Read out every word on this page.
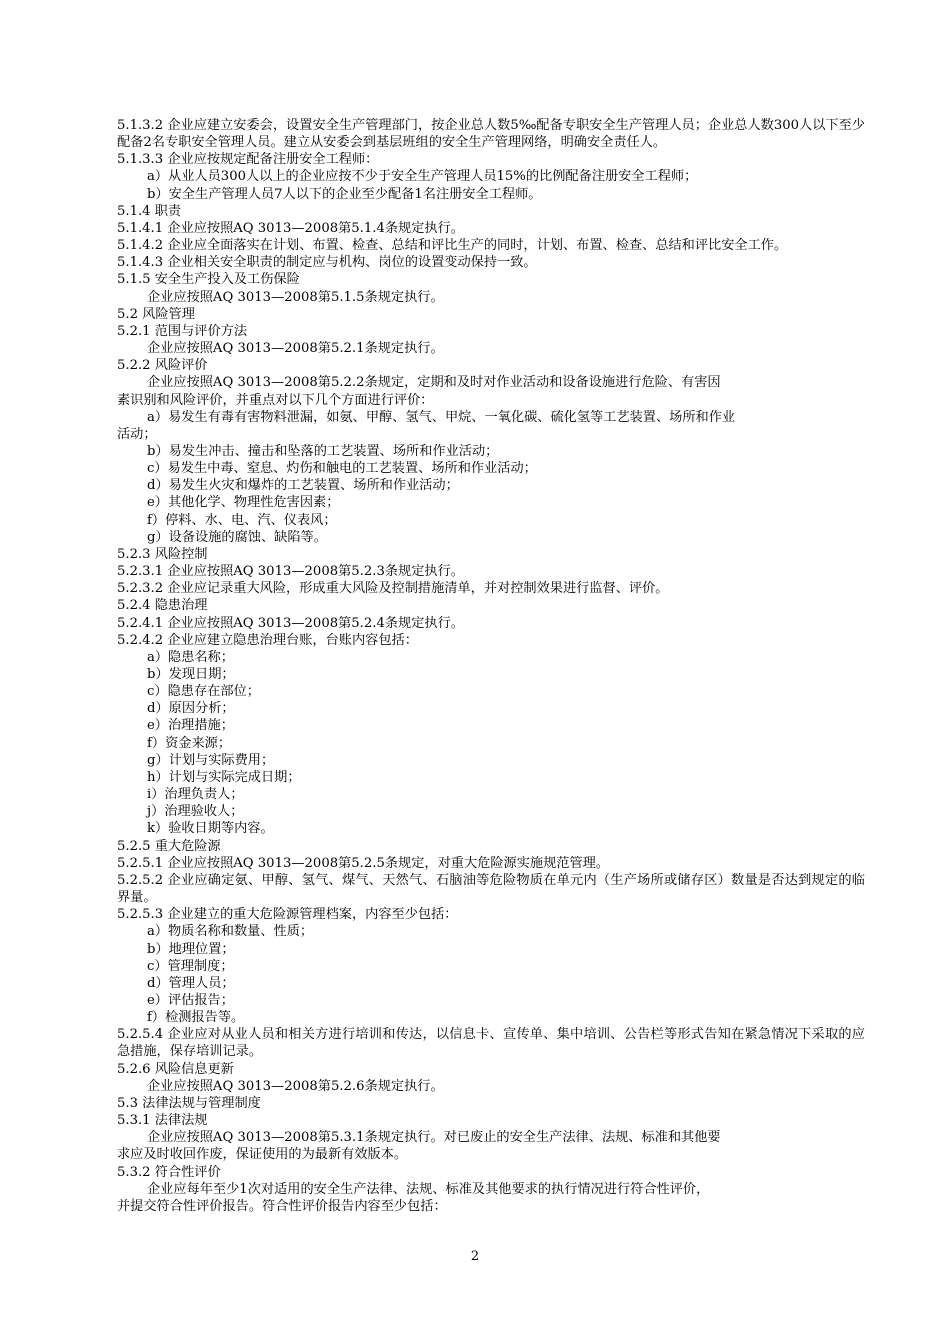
5.1.3.2 企业应建立安委会，设置安全生产管理部门，按企业总人数5‰配备专职安全生产管理人员；企业总人数300人以下至少配备2名专职安全管理人员。建立从安委会到基层班组的安全生产管理网络，明确安全责任人。
5.1.3.3 企业应按规定配备注册安全工程师：
a）从业人员300人以上的企业应按不少于安全生产管理人员15%的比例配备注册安全工程师；
b）安全生产管理人员7人以下的企业至少配备1名注册安全工程师。
5.1.4 职责
5.1.4.1 企业应按照AQ 3013—2008第5.1.4条规定执行。
5.1.4.2 企业应全面落实在计划、布置、检查、总结和评比生产的同时，计划、布置、检查、总结和评比安全工作。
5.1.4.3 企业相关安全职责的制定应与机构、岗位的设置变动保持一致。
5.1.5 安全生产投入及工伤保险
企业应按照AQ 3013—2008第5.1.5条规定执行。
5.2 风险管理
5.2.1 范围与评价方法
企业应按照AQ 3013—2008第5.2.1条规定执行。
5.2.2 风险评价
企业应按照AQ 3013—2008第5.2.2条规定，定期和及时对作业活动和设备设施进行危险、有害因
素识别和风险评价，并重点对以下几个方面进行评价：
a）易发生有毒有害物料泄漏，如氨、甲醇、氢气、甲烷、一氧化碳、硫化氢等工艺装置、场所和作业
活动；
b）易发生冲击、撞击和坠落的工艺装置、场所和作业活动；
c）易发生中毒、窒息、灼伤和触电的工艺装置、场所和作业活动；
d）易发生火灾和爆炸的工艺装置、场所和作业活动；
e）其他化学、物理性危害因素；
f）停料、水、电、汽、仪表风；
g）设备设施的腐蚀、缺陷等。
5.2.3 风险控制
5.2.3.1 企业应按照AQ 3013—2008第5.2.3条规定执行。
5.2.3.2 企业应记录重大风险，形成重大风险及控制措施清单，并对控制效果进行监督、评价。
5.2.4 隐患治理
5.2.4.1 企业应按照AQ 3013—2008第5.2.4条规定执行。
5.2.4.2 企业应建立隐患治理台账，台账内容包括：
a）隐患名称；
b）发现日期；
c）隐患存在部位；
d）原因分析；
e）治理措施；
f）资金来源；
g）计划与实际费用；
h）计划与实际完成日期；
i）治理负责人；
j）治理验收人；
k）验收日期等内容。
5.2.5 重大危险源
5.2.5.1 企业应按照AQ 3013—2008第5.2.5条规定，对重大危险源实施规范管理。
5.2.5.2 企业应确定氨、甲醇、氢气、煤气、天然气、石脑油等危险物质在单元内（生产场所或储存区）数量是否达到规定的临界量。
5.2.5.3 企业建立的重大危险源管理档案，内容至少包括：
a）物质名称和数量、性质；
b）地理位置；
c）管理制度；
d）管理人员；
e）评估报告；
f）检测报告等。
5.2.5.4 企业应对从业人员和相关方进行培训和传达，以信息卡、宣传单、集中培训、公告栏等形式告知在紧急情况下采取的应急措施，保存培训记录。
5.2.6 风险信息更新
企业应按照AQ 3013—2008第5.2.6条规定执行。
5.3 法律法规与管理制度
5.3.1 法律法规
企业应按照AQ 3013—2008第5.3.1条规定执行。对已废止的安全生产法律、法规、标准和其他要
求应及时收回作废，保证使用的为最新有效版本。
5.3.2 符合性评价
企业应每年至少1次对适用的安全生产法律、法规、标准及其他要求的执行情况进行符合性评价，
并提交符合性评价报告。符合性评价报告内容至少包括：
2
